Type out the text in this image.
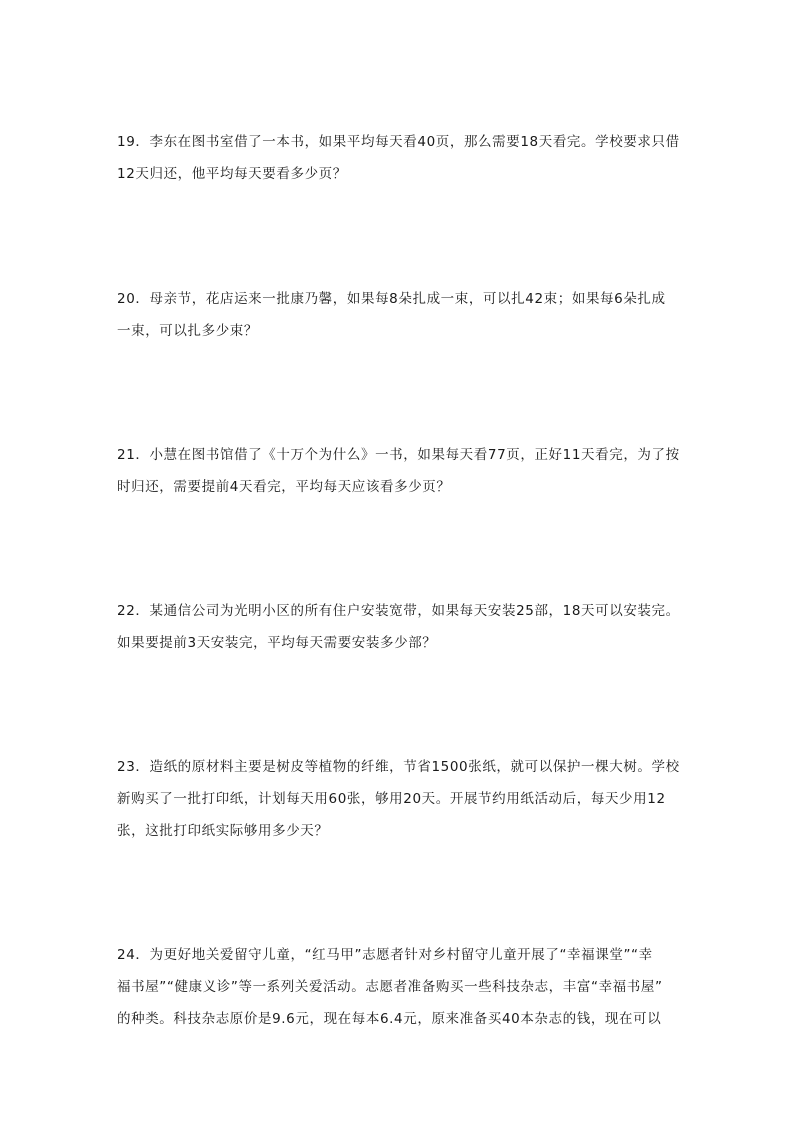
19．李东在图书室借了一本书，如果平均每天看40页，那么需要18天看完。学校要求只借
12天归还，他平均每天要看多少页？
20．母亲节，花店运来一批康乃馨，如果每8朵扎成一束，可以扎42束；如果每6朵扎成
一束，可以扎多少束？
21．小慧在图书馆借了《十万个为什么》一书，如果每天看77页，正好11天看完，为了按
时归还，需要提前4天看完，平均每天应该看多少页？
22．某通信公司为光明小区的所有住户安装宽带，如果每天安装25部，18天可以安装完。
如果要提前3天安装完，平均每天需要安装多少部？
23．造纸的原材料主要是树皮等植物的纤维，节省1500张纸，就可以保护一棵大树。学校
新购买了一批打印纸，计划每天用60张，够用20天。开展节约用纸活动后，每天少用12
张，这批打印纸实际够用多少天？
24．为更好地关爱留守儿童，“红马甲”志愿者针对乡村留守儿童开展了“幸福课堂”“幸
福书屋”“健康义诊”等一系列关爱活动。志愿者准备购买一些科技杂志，丰富“幸福书屋”
的种类。科技杂志原价是9.6元，现在每本6.4元，原来准备买40本杂志的钱，现在可以
